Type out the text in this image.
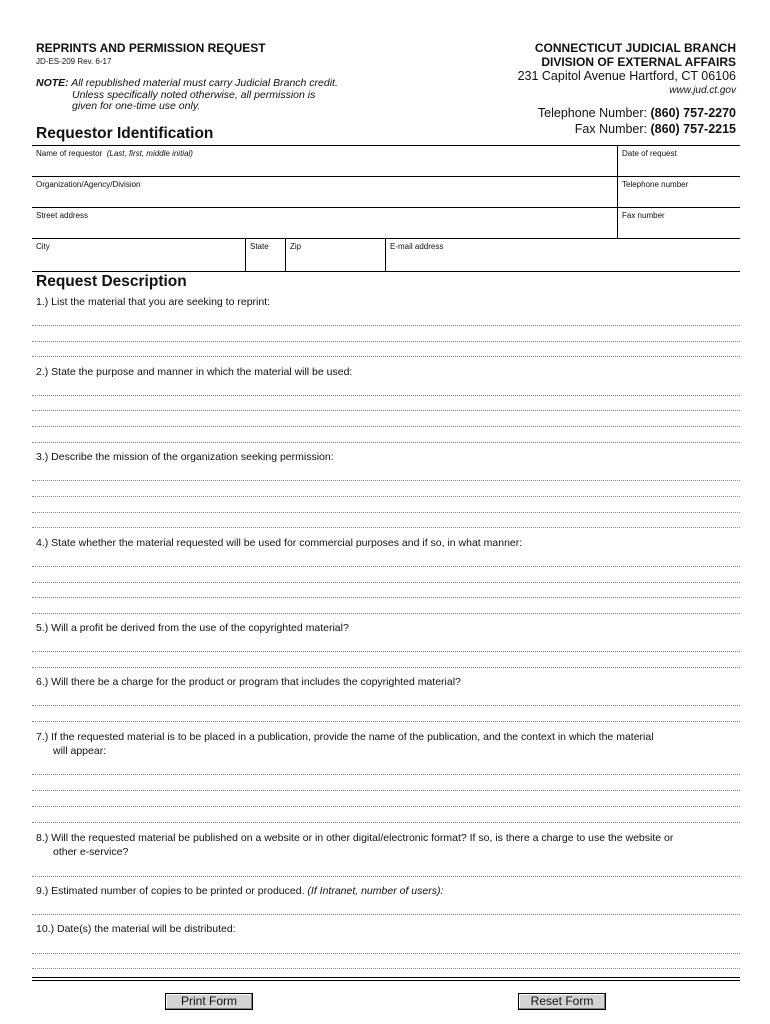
REPRINTS AND PERMISSION REQUEST
JD-ES-209 Rev. 6-17
NOTE: All republished material must carry Judicial Branch credit.
Unless specifically noted otherwise, all permission is
given for one-time use only.
CONNECTICUT JUDICIAL BRANCH
DIVISION OF EXTERNAL AFFAIRS
231 Capitol Avenue Hartford, CT 06106
www.jud.ct.gov
Telephone Number: (860) 757-2270
Fax Number: (860) 757-2215
Requestor Identification
Name of requestor (Last, first, middle initial)	Date of request
Organization/Agency/Division	Telephone number
Street address	Fax number
City	State	Zip	E-mail address
Request Description
1.) List the material that you are seeking to reprint:
2.) State the purpose and manner in which the material will be used:
3.) Describe the mission of the organization seeking permission:
4.) State whether the material requested will be used for commercial purposes and if so, in what manner:
5.) Will a profit be derived from the use of the copyrighted material?
6.) Will there be a charge for the product or program that includes the copyrighted material?
7.) If the requested material is to be placed in a publication, provide the name of the publication, and the context in which the material
will appear:
8.) Will the requested material be published on a website or in other digital/electronic format? If so, is there a charge to use the website or
other e-service?
9.) Estimated number of copies to be printed or produced. (If Intranet, number of users):
10.) Date(s) the material will be distributed:
Print Form	Reset Form
